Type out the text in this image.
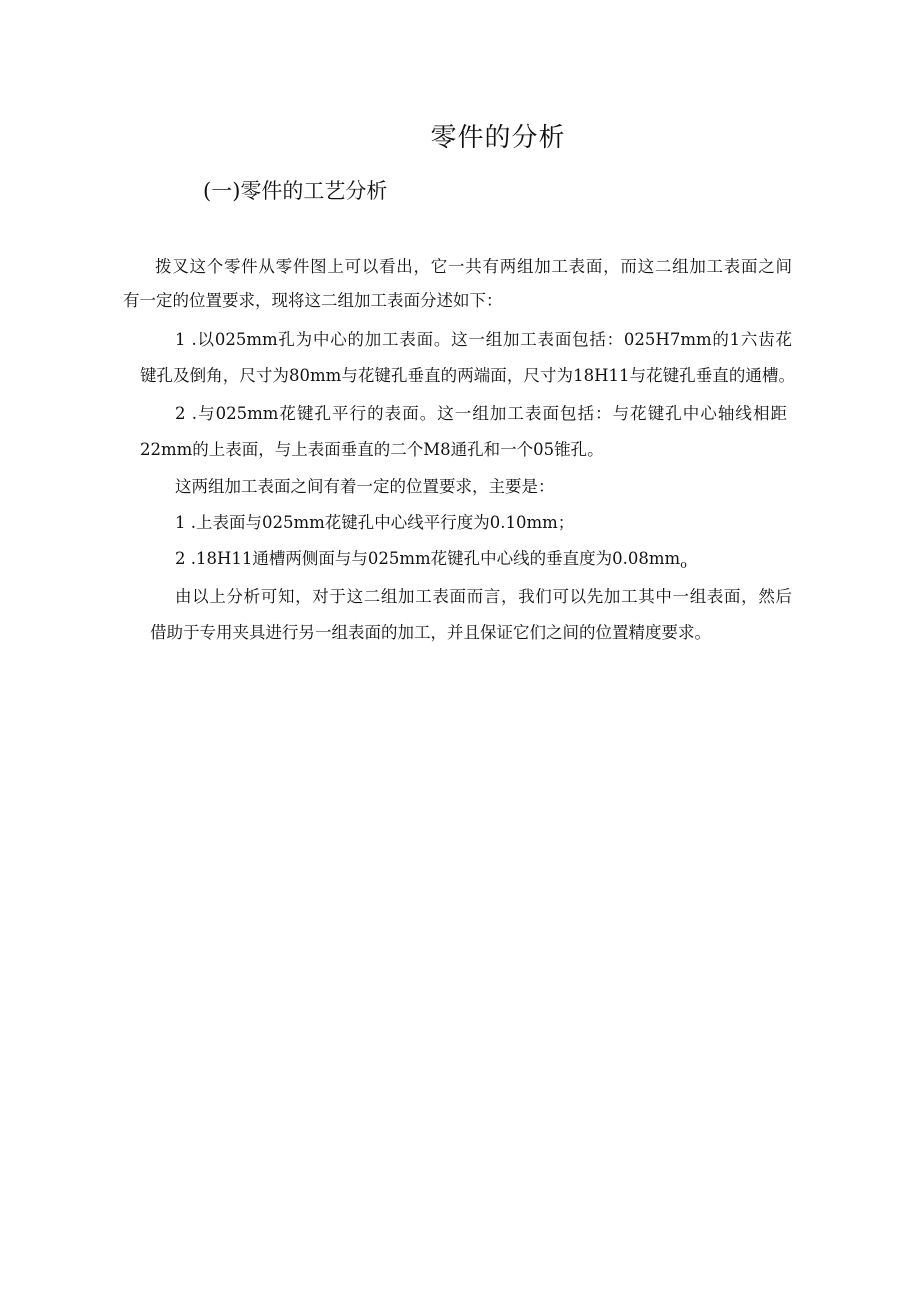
零件的分析
(一)零件的工艺分析
拨叉这个零件从零件图上可以看出，它一共有两组加工表面，而这二组加工表面之间
有一定的位置要求，现将这二组加工表面分述如下：
1 .以025mm孔为中心的加工表面。这一组加工表面包括：025H7mm的1六齿花
键孔及倒角，尺寸为80mm与花键孔垂直的两端面，尺寸为18H11与花键孔垂直的通槽。
2 .与025mm花键孔平行的表面。这一组加工表面包括：与花键孔中心轴线相距
22mm的上表面，与上表面垂直的二个M8通孔和一个05锥孔。
这两组加工表面之间有着一定的位置要求，主要是：
1 .上表面与025mm花键孔中心线平行度为0.10mm；
2 .18H11通槽两侧面与与025mm花键孔中心线的垂直度为$0.08mm_o$
由以上分析可知，对于这二组加工表面而言，我们可以先加工其中一组表面，然后
借助于专用夹具进行另一组表面的加工，并且保证它们之间的位置精度要求。
